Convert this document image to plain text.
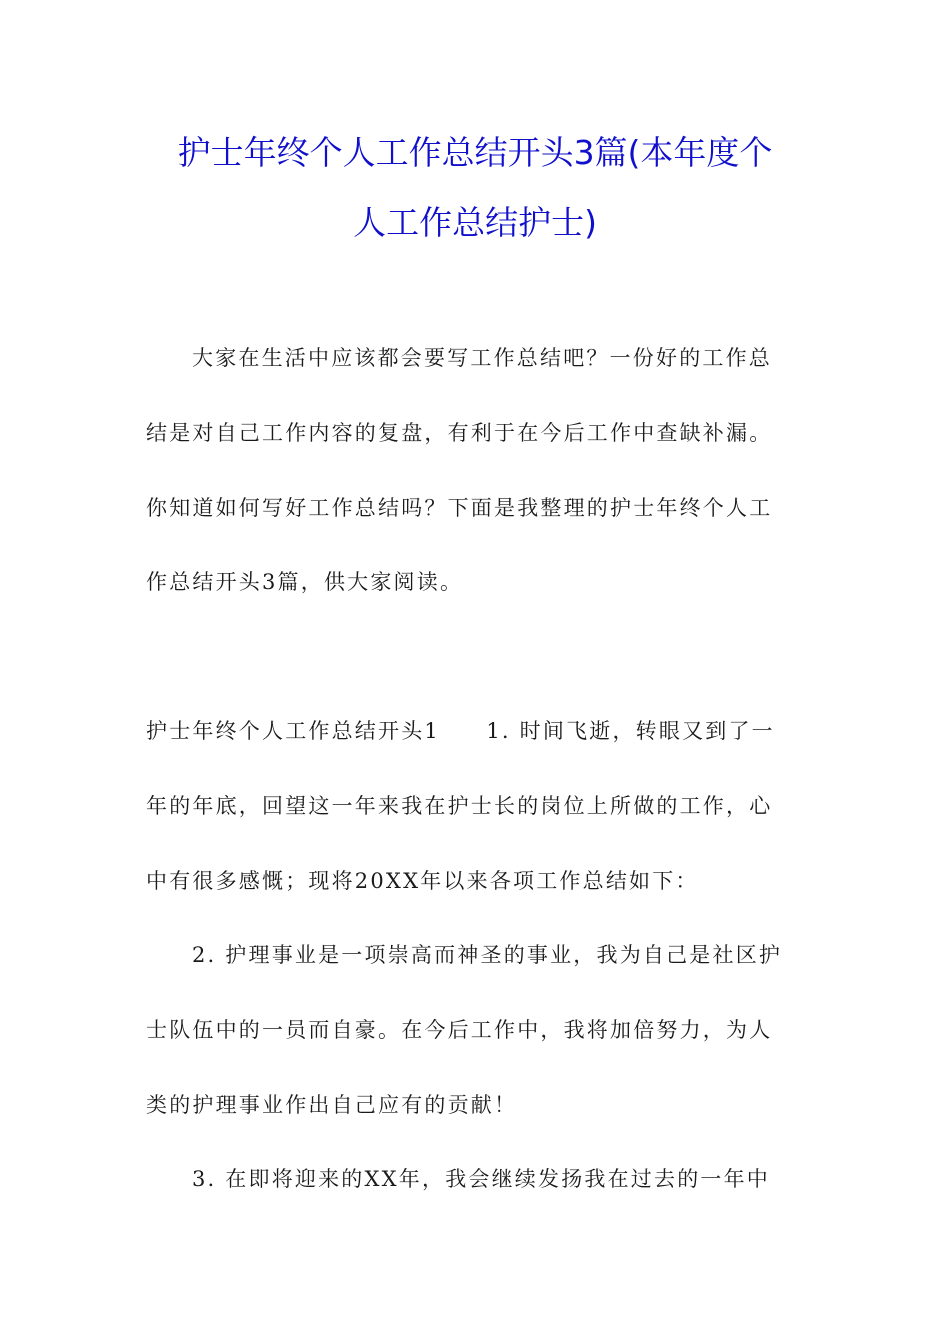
护士年终个人工作总结开头3篇(本年度个
人工作总结护士)
大家在生活中应该都会要写工作总结吧？一份好的工作总
结是对自己工作内容的复盘，有利于在今后工作中查缺补漏。
你知道如何写好工作总结吗？下面是我整理的护士年终个人工
作总结开头3篇，供大家阅读。
护士年终个人工作总结开头1　　1. 时间飞逝，转眼又到了一
年的年底，回望这一年来我在护士长的岗位上所做的工作，心
中有很多感慨；现将20XX年以来各项工作总结如下：
2. 护理事业是一项崇高而神圣的事业，我为自己是社区护
士队伍中的一员而自豪。在今后工作中，我将加倍努力，为人
类的护理事业作出自己应有的贡献！
3. 在即将迎来的XX年，我会继续发扬我在过去的一年中
